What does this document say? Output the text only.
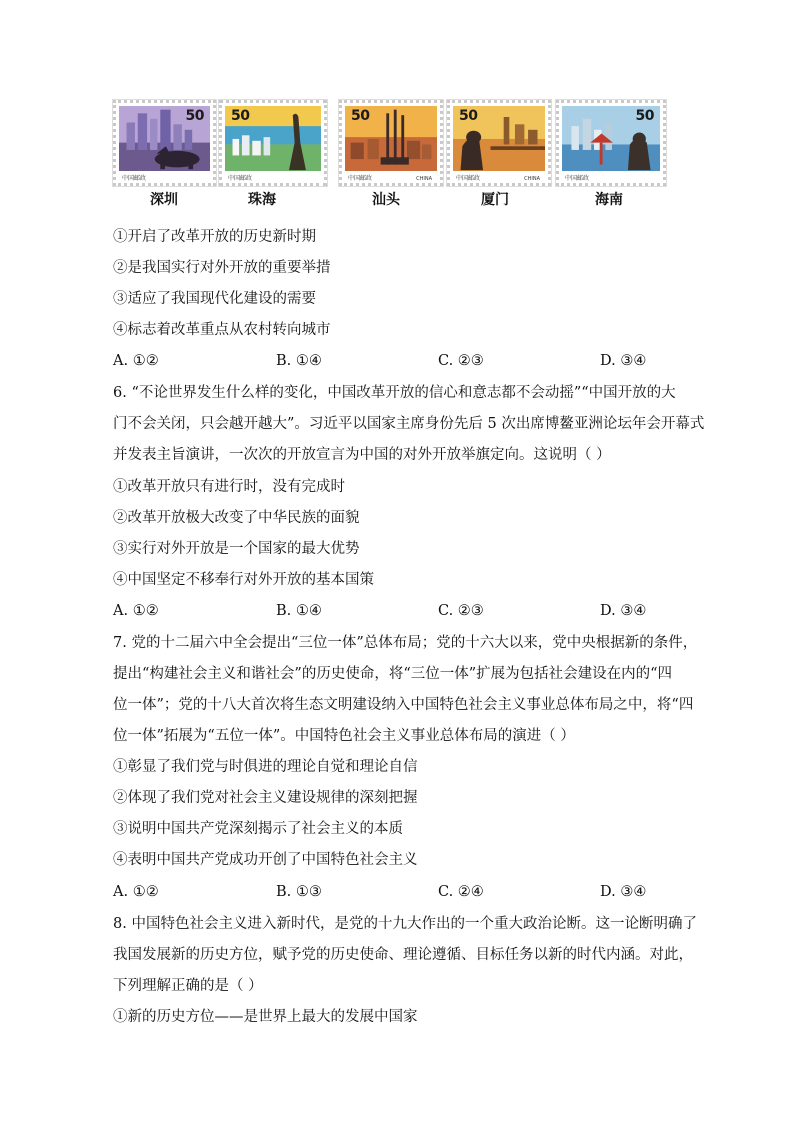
50
中国邮政
50
中国邮政
50
CHINA
中国邮政
50
CHINA
中国邮政
50
中国邮政
深圳	珠海	汕头	厦门	海南
①开启了改革开放的历史新时期
②是我国实行对外开放的重要举措
③适应了我国现代化建设的需要
④标志着改革重点从农村转向城市
A. ①②	B. ①④	C. ②③	D. ③④
6. “不论世界发生什么样的变化，中国改革开放的信心和意志都不会动摇”“中国开放的大
门不会关闭，只会越开越大”。习近平以国家主席身份先后 5 次出席博鳌亚洲论坛年会开幕式
并发表主旨演讲，一次次的开放宣言为中国的对外开放举旗定向。这说明（ ）
①改革开放只有进行时，没有完成时
②改革开放极大改变了中华民族的面貌
③实行对外开放是一个国家的最大优势
④中国坚定不移奉行对外开放的基本国策
A. ①②	B. ①④	C. ②③	D. ③④
7. 党的十二届六中全会提出“三位一体”总体布局；党的十六大以来，党中央根据新的条件，
提出“构建社会主义和谐社会”的历史使命，将“三位一体”扩展为包括社会建设在内的“四
位一体”；党的十八大首次将生态文明建设纳入中国特色社会主义事业总体布局之中，将“四
位一体”拓展为“五位一体”。中国特色社会主义事业总体布局的演进（ ）
①彰显了我们党与时俱进的理论自觉和理论自信
②体现了我们党对社会主义建设规律的深刻把握
③说明中国共产党深刻揭示了社会主义的本质
④表明中国共产党成功开创了中国特色社会主义
A. ①②	B. ①③	C. ②④	D. ③④
8. 中国特色社会主义进入新时代，是党的十九大作出的一个重大政治论断。这一论断明确了
我国发展新的历史方位，赋予党的历史使命、理论遵循、目标任务以新的时代内涵。对此，
下列理解正确的是（ ）
①新的历史方位——是世界上最大的发展中国家
